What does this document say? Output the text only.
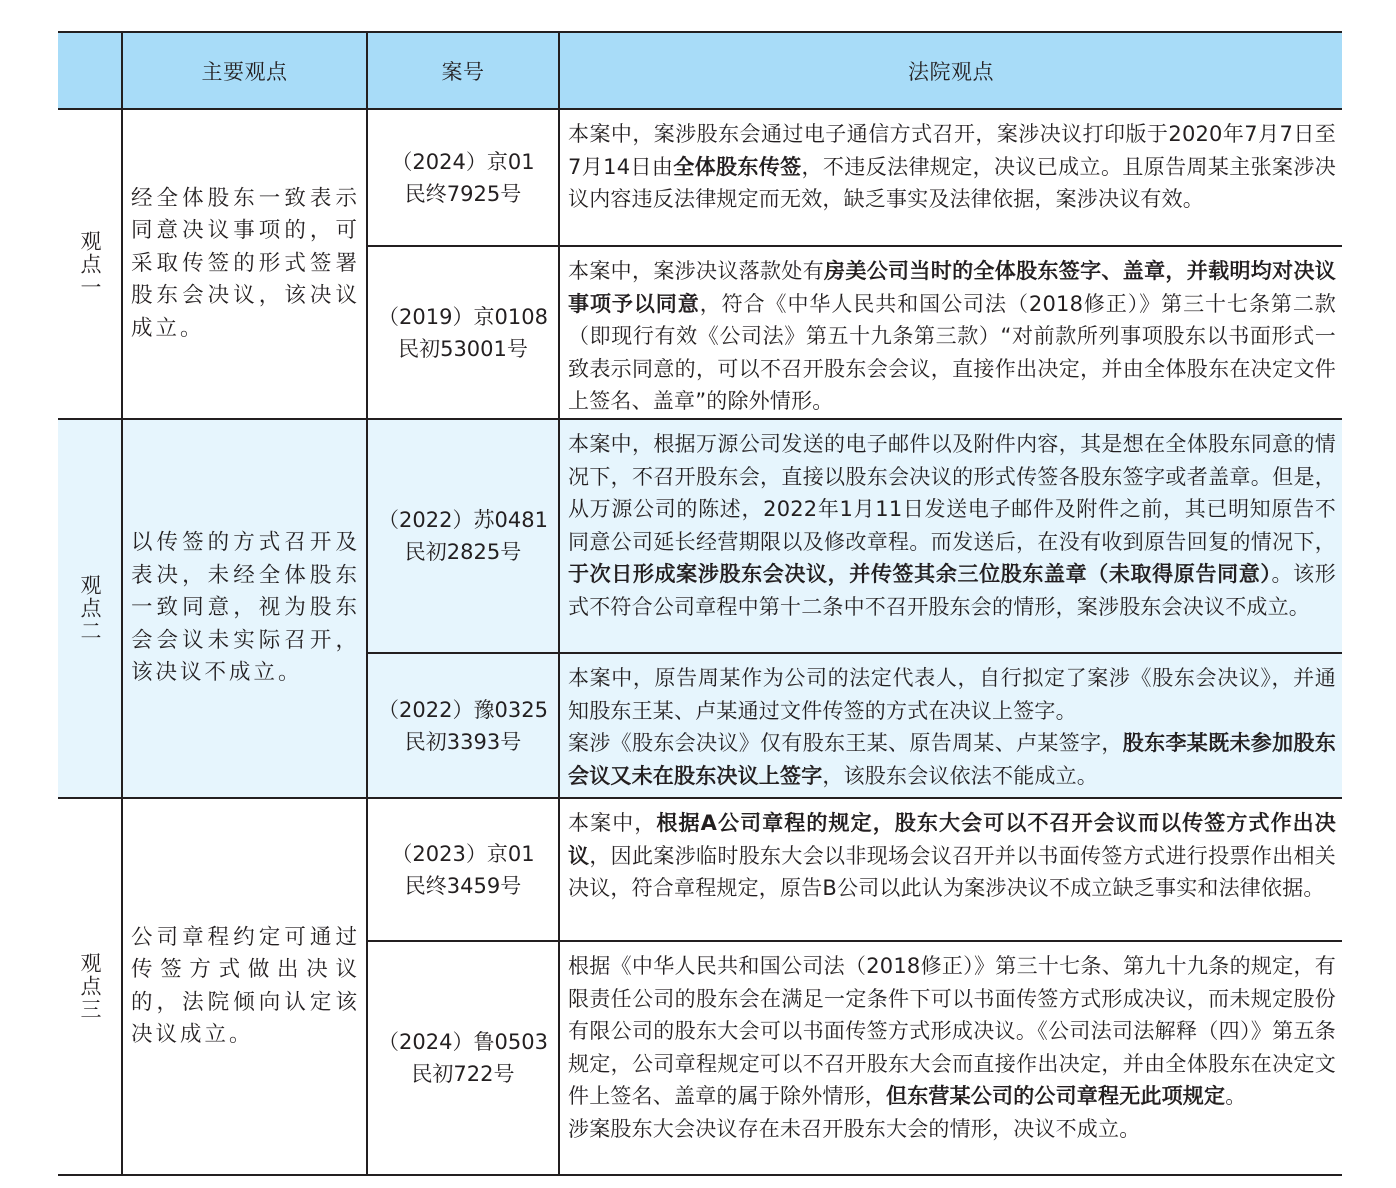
主要观点	案号	法院观点
观点一
经全体股东一致表示同意决议事项的，可采取传签的形式签署股东会决议，该决议成立。
（2024）京01
民终7925号

本案中，案涉股东会通过电子通信方式召开，案涉决议打印版于2020年7月7日至7月14日由全体股东传签，不违反法律规定，决议已成立。且原告周某主张案涉决议内容违反法律规定而无效，缺乏事实及法律依据，案涉决议有效。

（2019）京0108
民初53001号

本案中，案涉决议落款处有房美公司当时的全体股东签字、盖章，并载明均对决议事项予以同意，符合《中华人民共和国公司法（2018修正）》第三十七条第二款（即现行有效《公司法》第五十九条第三款）“对前款所列事项股东以书面形式一致表示同意的，可以不召开股东会会议，直接作出决定，并由全体股东在决定文件上签名、盖章”的除外情形。

观点二
以传签的方式召开及表决，未经全体股东一致同意，视为股东会会议未实际召开，该决议不成立。
（2022）苏0481
民初2825号

本案中，根据万源公司发送的电子邮件以及附件内容，其是想在全体股东同意的情况下，不召开股东会，直接以股东会决议的形式传签各股东签字或者盖章。但是，从万源公司的陈述，2022年1月11日发送电子邮件及附件之前，其已明知原告不同意公司延长经营期限以及修改章程。而发送后，在没有收到原告回复的情况下，于次日形成案涉股东会决议，并传签其余三位股东盖章（未取得原告同意）。该形式不符合公司章程中第十二条中不召开股东会的情形，案涉股东会决议不成立。

（2022）豫0325
民初3393号

本案中，原告周某作为公司的法定代表人，自行拟定了案涉《股东会决议》，并通知股东王某、卢某通过文件传签的方式在决议上签字。

案涉《股东会决议》仅有股东王某、原告周某、卢某签字，股东李某既未参加股东会议又未在股东决议上签字，该股东会议依法不能成立。

观点三
公司章程约定可通过传签方式做出决议的，法院倾向认定该决议成立。
（2023）京01
民终3459号

本案中，根据A公司章程的规定，股东大会可以不召开会议而以传签方式作出决议，因此案涉临时股东大会以非现场会议召开并以书面传签方式进行投票作出相关决议，符合章程规定，原告B公司以此认为案涉决议不成立缺乏事实和法律依据。

（2024）鲁0503
民初722号

根据《中华人民共和国公司法（2018修正）》第三十七条、第九十九条的规定，有限责任公司的股东会在满足一定条件下可以书面传签方式形成决议，而未规定股份有限公司的股东大会可以书面传签方式形成决议。《公司法司法解释（四）》第五条规定，公司章程规定可以不召开股东大会而直接作出决定，并由全体股东在决定文件上签名、盖章的属于除外情形，但东营某公司的公司章程无此项规定。

涉案股东大会决议存在未召开股东大会的情形，决议不成立。
